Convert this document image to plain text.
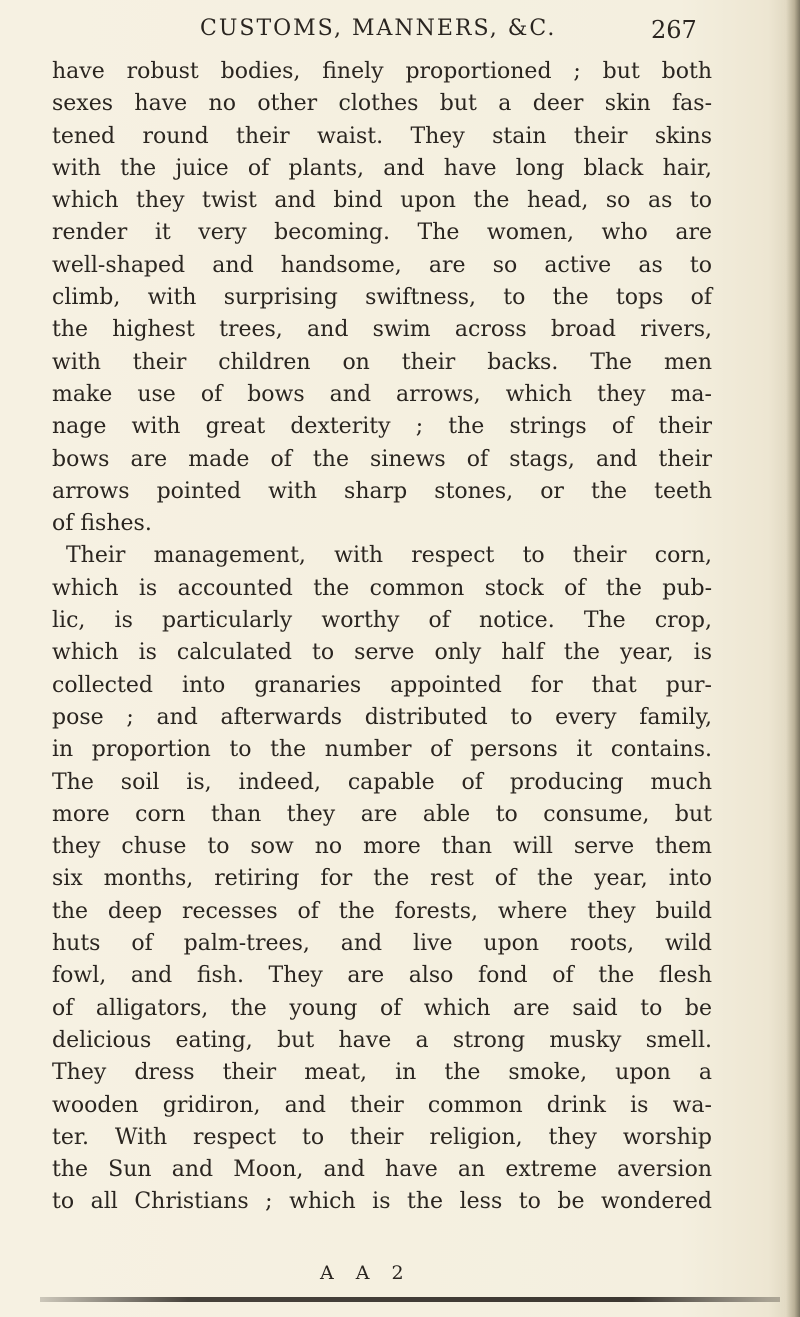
CUSTOMS, MANNERS, &C.	267
have robust bodies, finely proportioned ; but both
sexes have no other clothes but a deer skin fas-
tened round their waist. They stain their skins
with the juice of plants, and have long black hair,
which they twist and bind upon the head, so as to
render it very becoming. The women, who are
well-shaped and handsome, are so active as to
climb, with surprising swiftness, to the tops of
the highest trees, and swim across broad rivers,
with their children on their backs. The men
make use of bows and arrows, which they ma-
nage with great dexterity ; the strings of their
bows are made of the sinews of stags, and their
arrows pointed with sharp stones, or the teeth
of fishes.
Their management, with respect to their corn,
which is accounted the common stock of the pub-
lic, is particularly worthy of notice. The crop,
which is calculated to serve only half the year, is
collected into granaries appointed for that pur-
pose ; and afterwards distributed to every family,
in proportion to the number of persons it contains.
The soil is, indeed, capable of producing much
more corn than they are able to consume, but
they chuse to sow no more than will serve them
six months, retiring for the rest of the year, into
the deep recesses of the forests, where they build
huts of palm-trees, and live upon roots, wild
fowl, and fish. They are also fond of the flesh
of alligators, the young of which are said to be
delicious eating, but have a strong musky smell.
They dress their meat, in the smoke, upon a
wooden gridiron, and their common drink is wa-
ter. With respect to their religion, they worship
the Sun and Moon, and have an extreme aversion
to all Christians ; which is the less to be wondered
A A 2
